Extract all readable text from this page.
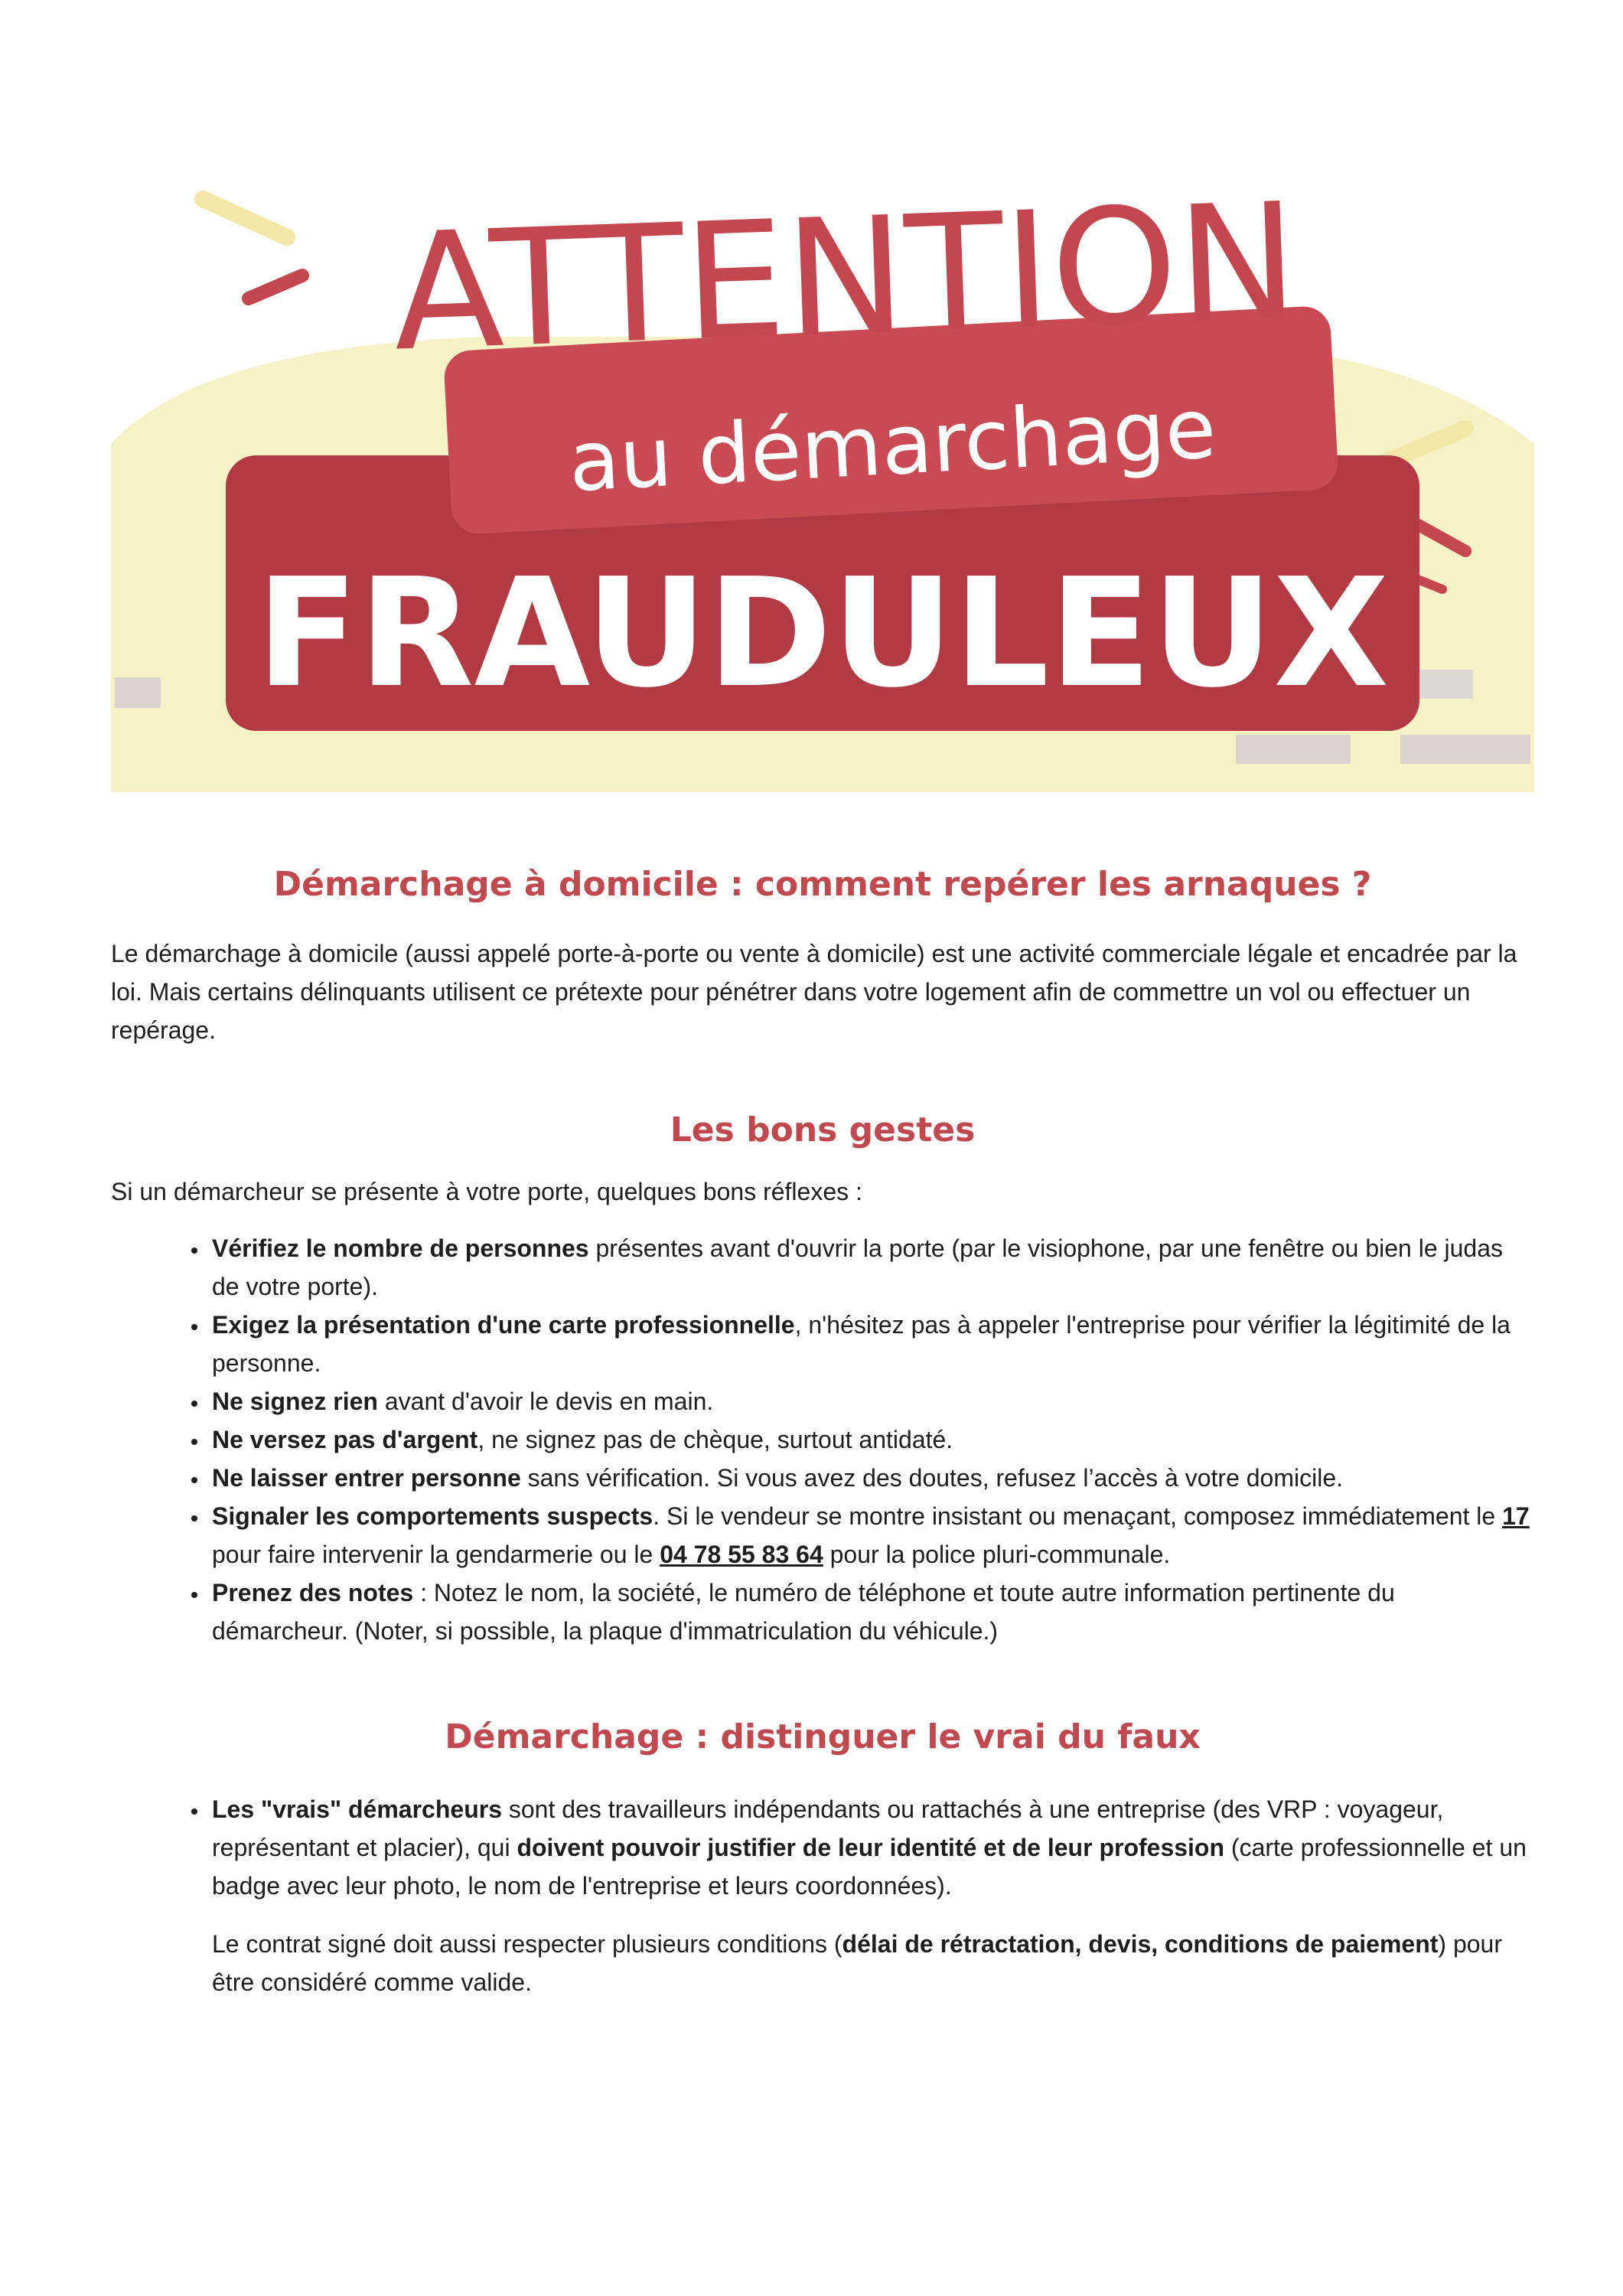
au démarchage
ATTENTION
FRAUDULEUX
Démarchage à domicile : comment repérer les arnaques ?

Le démarchage à domicile (aussi appelé porte-à-porte ou vente à domicile) est une activité commerciale légale et encadrée par la loi. Mais certains délinquants utilisent ce prétexte pour pénétrer dans votre logement afin de commettre un vol ou effectuer un repérage.

Les bons gestes

Si un démarcheur se présente à votre porte, quelques bons réflexes :

• Vérifiez le nombre de personnes présentes avant d'ouvrir la porte (par le visiophone, par une fenêtre ou bien le judas de votre porte).
• Exigez la présentation d'une carte professionnelle, n'hésitez pas à appeler l'entreprise pour vérifier la légitimité de la personne.
• Ne signez rien avant d'avoir le devis en main.
• Ne versez pas d'argent, ne signez pas de chèque, surtout antidaté.
• Ne laisser entrer personne sans vérification. Si vous avez des doutes, refusez l’accès à votre domicile.
• Signaler les comportements suspects. Si le vendeur se montre insistant ou menaçant, composez immédiatement le 17 pour faire intervenir la gendarmerie ou le 04 78 55 83 64 pour la police pluri-communale.
• Prenez des notes : Notez le nom, la société, le numéro de téléphone et toute autre information pertinente du démarcheur. (Noter, si possible, la plaque d'immatriculation du véhicule.)
Démarchage : distinguer le vrai du faux
• Les "vrais" démarcheurs sont des travailleurs indépendants ou rattachés à une entreprise (des VRP : voyageur, représentant et placier), qui doivent pouvoir justifier de leur identité et de leur profession (carte professionnelle et un badge avec leur photo, le nom de l'entreprise et leurs coordonnées).

Le contrat signé doit aussi respecter plusieurs conditions (délai de rétractation, devis, conditions de paiement) pour être considéré comme valide.
